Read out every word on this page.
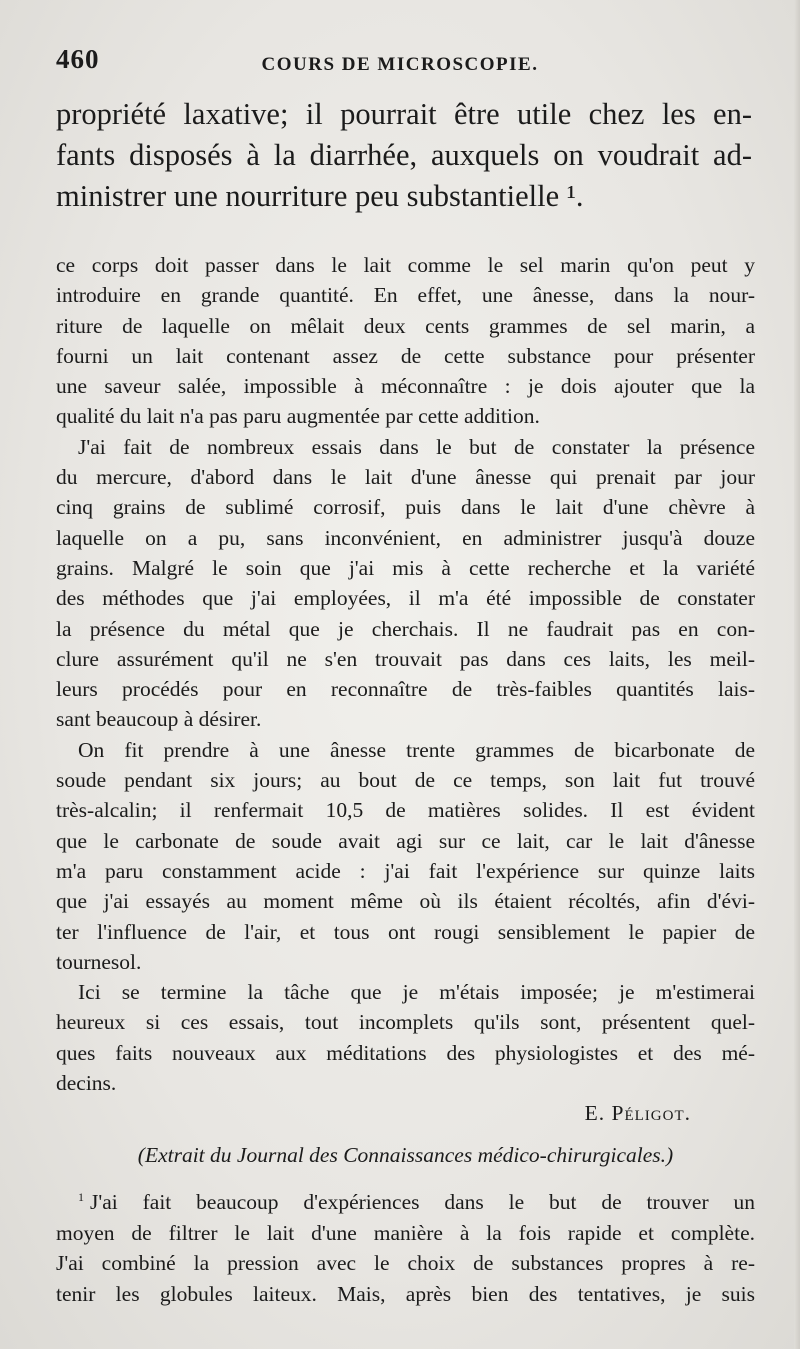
460	COURS DE MICROSCOPIE.
propriété laxative; il pourrait être utile chez les en-
fants disposés à la diarrhée, auxquels on voudrait ad-
ministrer une nourriture peu substantielle ¹.
ce corps doit passer dans le lait comme le sel marin qu'on peut y
introduire en grande quantité. En effet, une ânesse, dans la nour-
riture de laquelle on mêlait deux cents grammes de sel marin, a
fourni un lait contenant assez de cette substance pour présenter
une saveur salée, impossible à méconnaître : je dois ajouter que la
qualité du lait n'a pas paru augmentée par cette addition.
J'ai fait de nombreux essais dans le but de constater la présence
du mercure, d'abord dans le lait d'une ânesse qui prenait par jour
cinq grains de sublimé corrosif, puis dans le lait d'une chèvre à
laquelle on a pu, sans inconvénient, en administrer jusqu'à douze
grains. Malgré le soin que j'ai mis à cette recherche et la variété
des méthodes que j'ai employées, il m'a été impossible de constater
la présence du métal que je cherchais. Il ne faudrait pas en con-
clure assurément qu'il ne s'en trouvait pas dans ces laits, les meil-
leurs procédés pour en reconnaître de très-faibles quantités lais-
sant beaucoup à désirer.
On fit prendre à une ânesse trente grammes de bicarbonate de
soude pendant six jours; au bout de ce temps, son lait fut trouvé
très-alcalin; il renfermait 10,5 de matières solides. Il est évident
que le carbonate de soude avait agi sur ce lait, car le lait d'ânesse
m'a paru constamment acide : j'ai fait l'expérience sur quinze laits
que j'ai essayés au moment même où ils étaient récoltés, afin d'évi-
ter l'influence de l'air, et tous ont rougi sensiblement le papier de
tournesol.
Ici se termine la tâche que je m'étais imposée; je m'estimerai
heureux si ces essais, tout incomplets qu'ils sont, présentent quel-
ques faits nouveaux aux méditations des physiologistes et des mé-
decins.
E. Péligot.
(Extrait du Journal des Connaissances médico-chirurgicales.)
$^1$ J'ai fait beaucoup d'expériences dans le but de trouver un
moyen de filtrer le lait d'une manière à la fois rapide et complète.
J'ai combiné la pression avec le choix de substances propres à re-
tenir les globules laiteux. Mais, après bien des tentatives, je suis
